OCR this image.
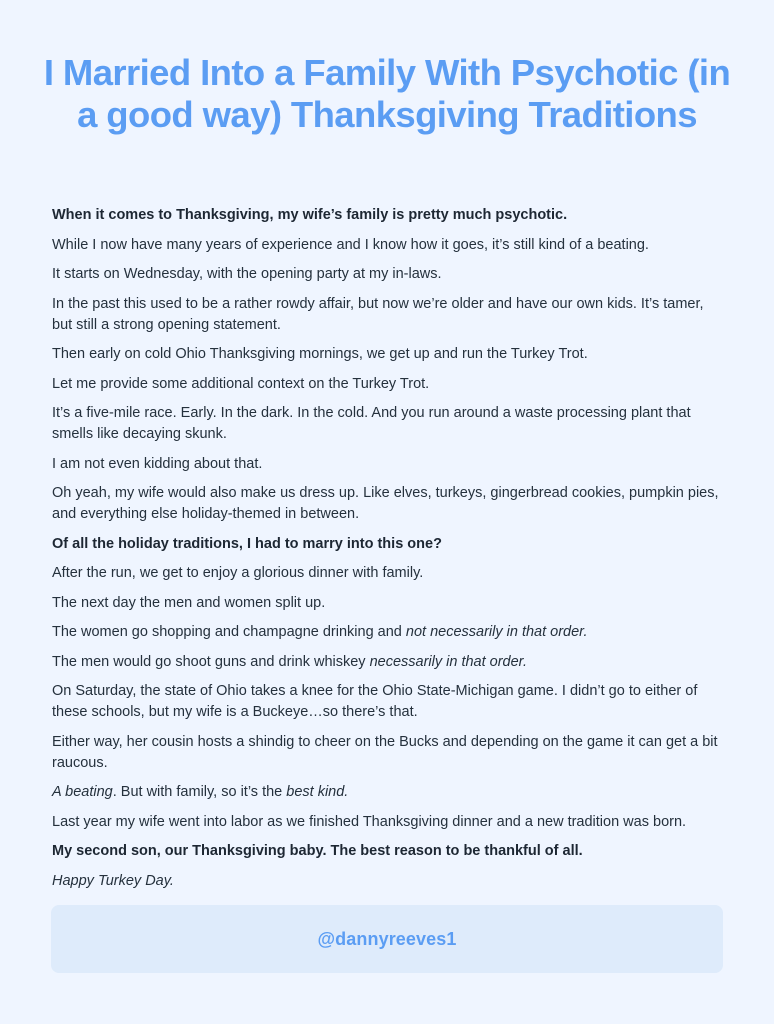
I Married Into a Family With Psychotic (in a good way) Thanksgiving Traditions

When it comes to Thanksgiving, my wife’s family is pretty much psychotic.

While I now have many years of experience and I know how it goes, it’s still kind of a beating.

It starts on Wednesday, with the opening party at my in-laws.

In the past this used to be a rather rowdy affair, but now we’re older and have our own kids. It’s tamer, but still a strong opening statement.

Then early on cold Ohio Thanksgiving mornings, we get up and run the Turkey Trot.

Let me provide some additional context on the Turkey Trot.

It’s a five-mile race. Early. In the dark. In the cold. And you run around a waste processing plant that smells like decaying skunk.

I am not even kidding about that.

Oh yeah, my wife would also make us dress up. Like elves, turkeys, gingerbread cookies, pumpkin pies, and everything else holiday-themed in between.

Of all the holiday traditions, I had to marry into this one?

After the run, we get to enjoy a glorious dinner with family.

The next day the men and women split up.

The women go shopping and champagne drinking and not necessarily in that order.

The men would go shoot guns and drink whiskey necessarily in that order.

On Saturday, the state of Ohio takes a knee for the Ohio State-Michigan game. I didn’t go to either of these schools, but my wife is a Buckeye…so there’s that.

Either way, her cousin hosts a shindig to cheer on the Bucks and depending on the game it can get a bit raucous.

A beating. But with family, so it’s the best kind.

Last year my wife went into labor as we finished Thanksgiving dinner and a new tradition was born.

My second son, our Thanksgiving baby. The best reason to be thankful of all.

Happy Turkey Day.

@dannyreeves1
